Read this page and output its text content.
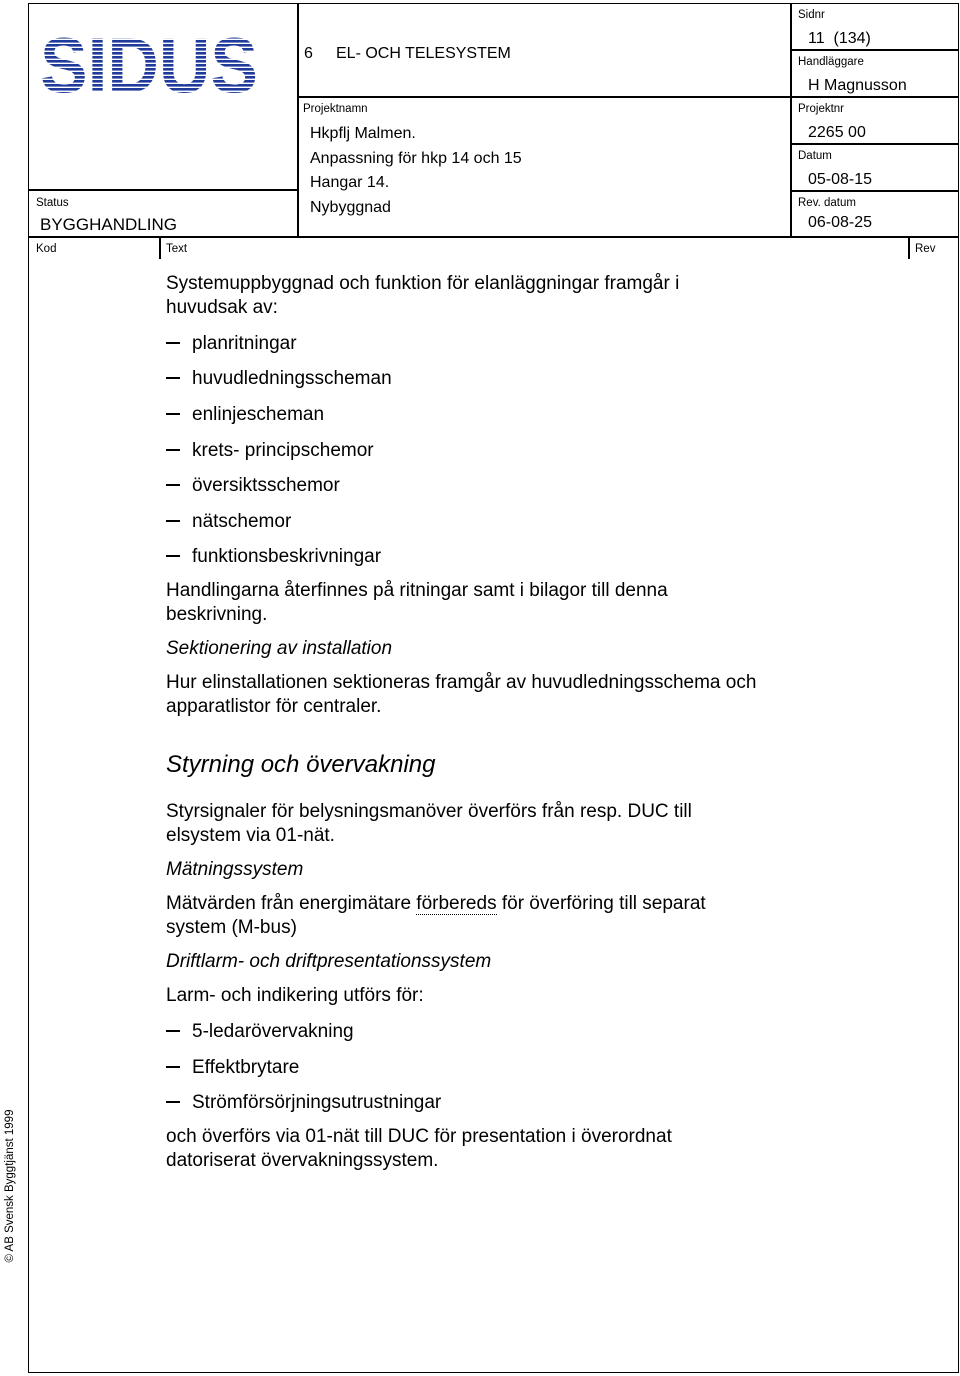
SIDUS	6 EL- OCH TELESYSTEM
Sidnr
11 (134)
Handläggare
H Magnusson
Projektnr
2265 00
Datum
05-08-15
Rev. datum
06-08-25
Projektnamn
Hkpflj Malmen.
Anpassning för hkp 14 och 15
Hangar 14.
Nybyggnad
Status
BYGGHANDLING
Kod	Text	Rev
Systemuppbyggnad och funktion för elanläggningar framgår i huvudsak av:
planritningar
huvudledningsscheman
enlinjescheman
krets- principschemor
översiktsschemor
nätschemor
funktionsbeskrivningar
Handlingarna återfinnes på ritningar samt i bilagor till denna beskrivning.
Sektionering av installation
Hur elinstallationen sektioneras framgår av huvudledningsschema och apparatlistor för centraler.
Styrning och övervakning
Styrsignaler för belysningsmanöver överförs från resp. DUC till elsystem via 01-nät.
Mätningssystem
Mätvärden från energimätare förbereds för överföring till separat system (M-bus)
Driftlarm- och driftpresentationssystem
Larm- och indikering utförs för:
5-ledarövervakning
Effektbrytare
Strömförsörjningsutrustningar
och överförs via 01-nät till DUC för presentation i överordnat datoriserat övervakningssystem.
© AB Svensk Byggtjänst 1999
